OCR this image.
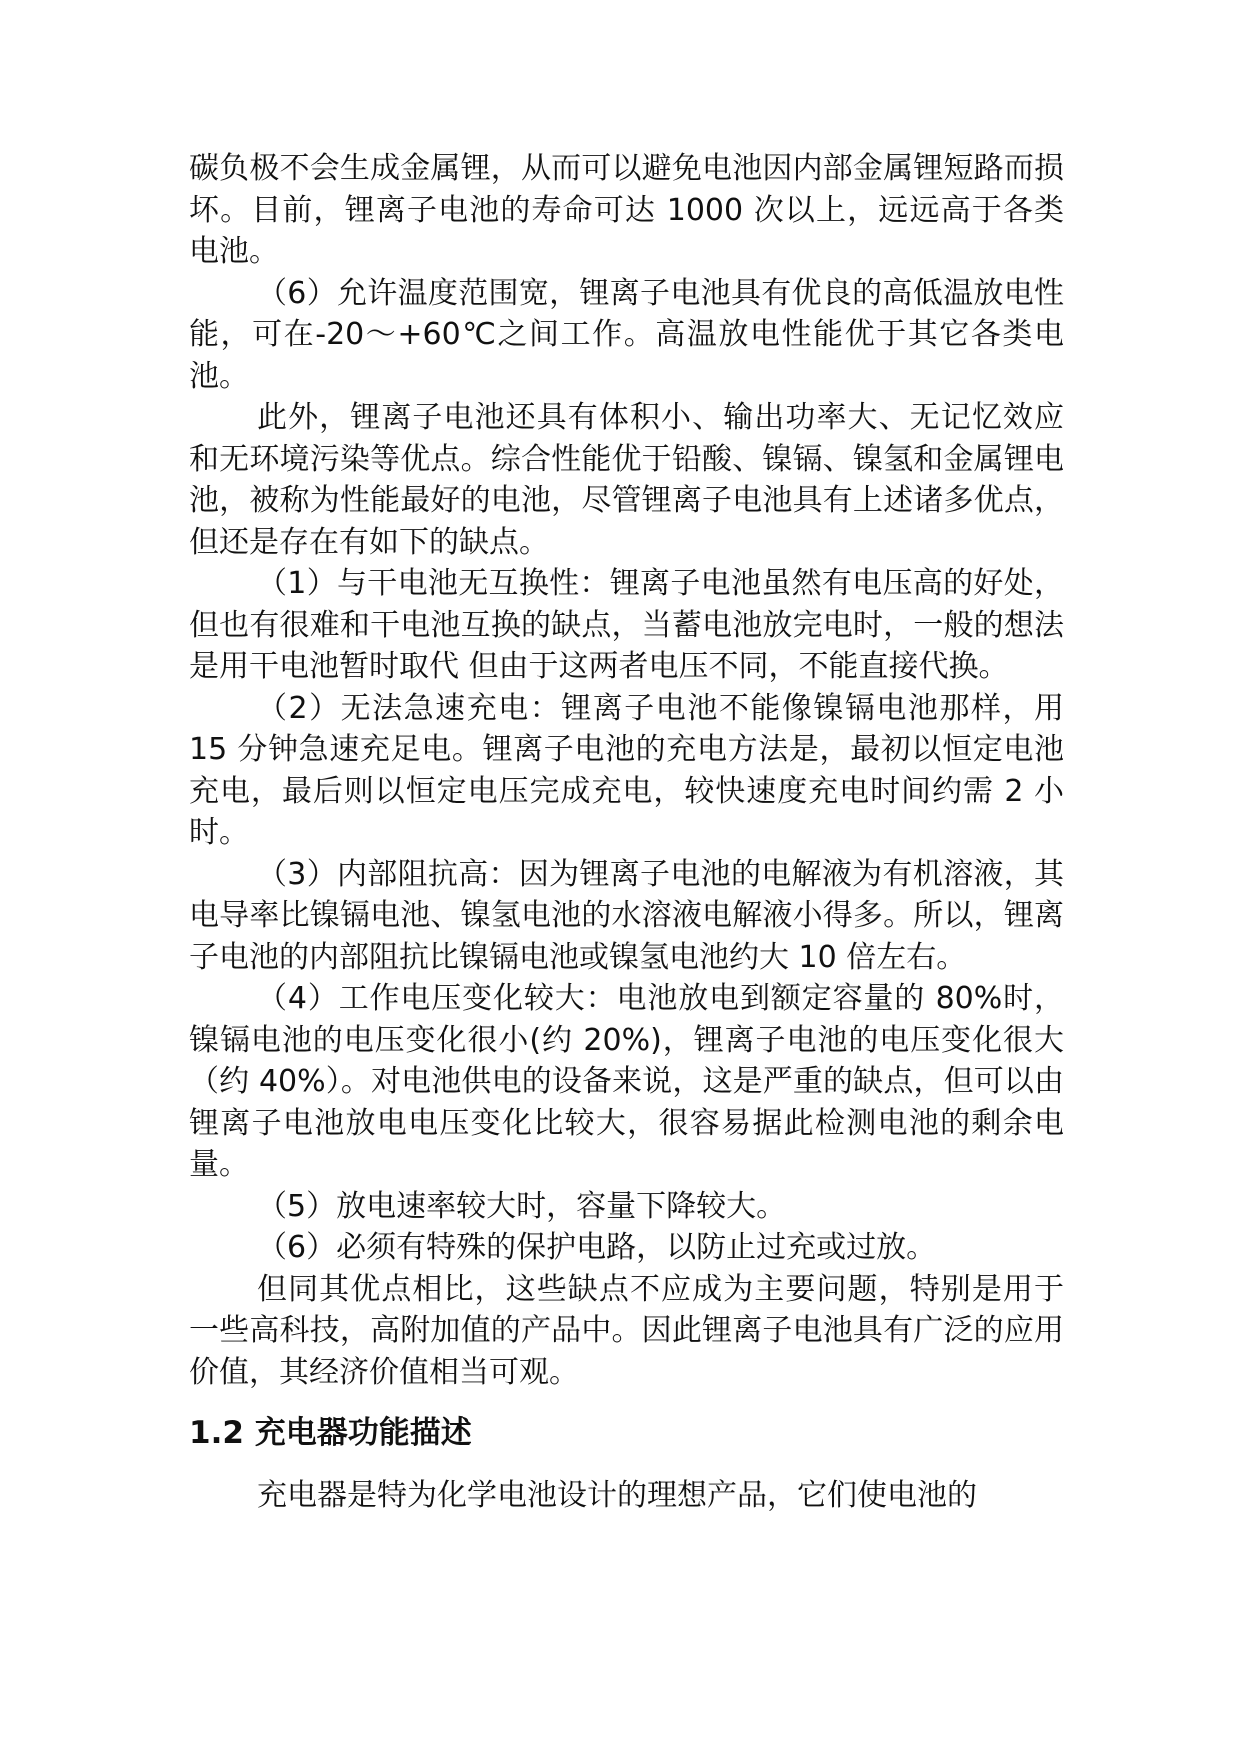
碳负极不会生成金属锂，从而可以避免电池因内部金属锂短路而损坏。目前，锂离子电池的寿命可达 1000 次以上，远远高于各类电池。

（6）允许温度范围宽，锂离子电池具有优良的高低温放电性能，可在-20～+60℃之间工作。高温放电性能优于其它各类电池。

此外，锂离子电池还具有体积小、输出功率大、无记忆效应和无环境污染等优点。综合性能优于铅酸、镍镉、镍氢和金属锂电池，被称为性能最好的电池，尽管锂离子电池具有上述诸多优点，但还是存在有如下的缺点。

（1）与干电池无互换性：锂离子电池虽然有电压高的好处，但也有很难和干电池互换的缺点，当蓄电池放完电时，一般的想法是用干电池暂时取代 但由于这两者电压不同，不能直接代换。

（2）无法急速充电：锂离子电池不能像镍镉电池那样，用 15 分钟急速充足电。锂离子电池的充电方法是，最初以恒定电池充电，最后则以恒定电压完成充电，较快速度充电时间约需 2 小时。

（3）内部阻抗高：因为锂离子电池的电解液为有机溶液，其电导率比镍镉电池、镍氢电池的水溶液电解液小得多。所以，锂离子电池的内部阻抗比镍镉电池或镍氢电池约大 10 倍左右。

（4）工作电压变化较大：电池放电到额定容量的 80%时，镍镉电池的电压变化很小(约 20%)，锂离子电池的电压变化很大（约 40%）。对电池供电的设备来说，这是严重的缺点，但可以由锂离子电池放电电压变化比较大，很容易据此检测电池的剩余电量。

（5）放电速率较大时，容量下降较大。

（6）必须有特殊的保护电路，以防止过充或过放。

但同其优点相比，这些缺点不应成为主要问题，特别是用于一些高科技，高附加值的产品中。因此锂离子电池具有广泛的应用价值，其经济价值相当可观。

1.2 充电器功能描述

充电器是特为化学电池设计的理想产品，它们使电池的
